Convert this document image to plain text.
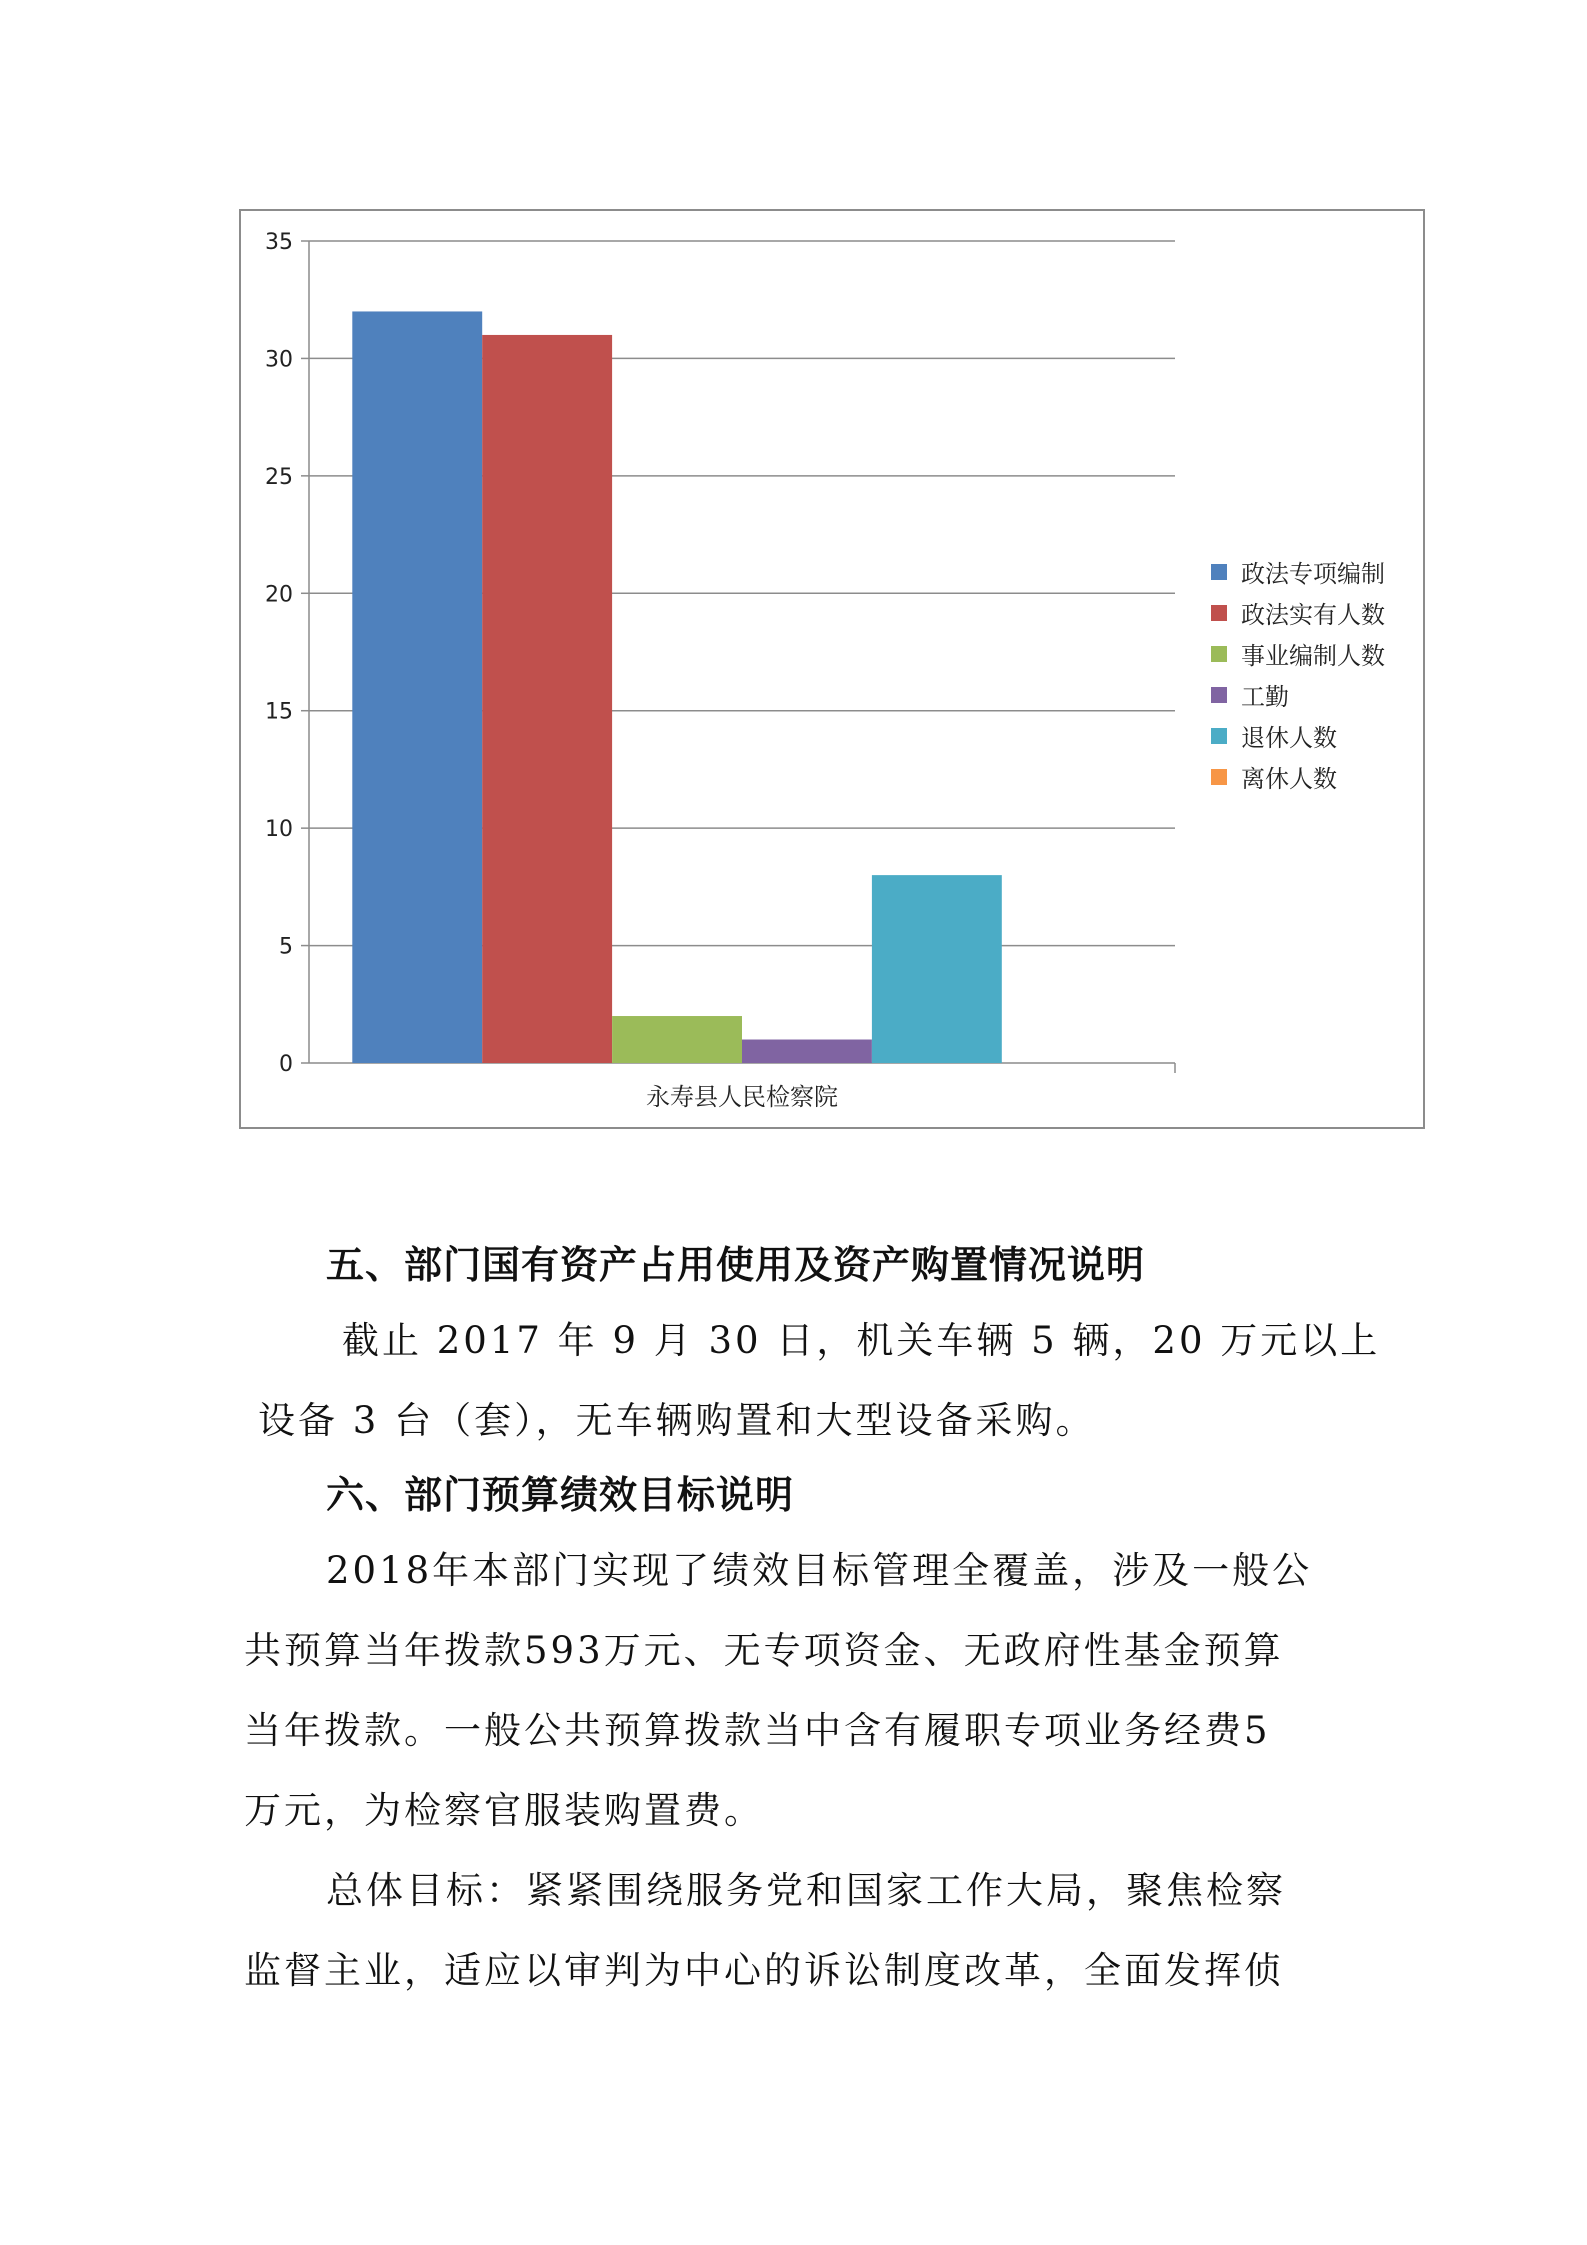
0
5
10
15
20
25
30
35
永寿县人民检察院
政法专项编制
政法实有人数
事业编制人数
工勤
退休人数
离休人数
五、部门国有资产占用使用及资产购置情况说明
截止 2017 年 9 月 30 日，机关车辆 5 辆，20 万元以上
设备 3 台（套），无车辆购置和大型设备采购。
六、部门预算绩效目标说明
2018年本部门实现了绩效目标管理全覆盖，涉及一般公
共预算当年拨款593万元、无专项资金、无政府性基金预算
当年拨款。一般公共预算拨款当中含有履职专项业务经费5
万元，为检察官服装购置费。
总体目标：紧紧围绕服务党和国家工作大局，聚焦检察
监督主业，适应以审判为中心的诉讼制度改革，全面发挥侦
